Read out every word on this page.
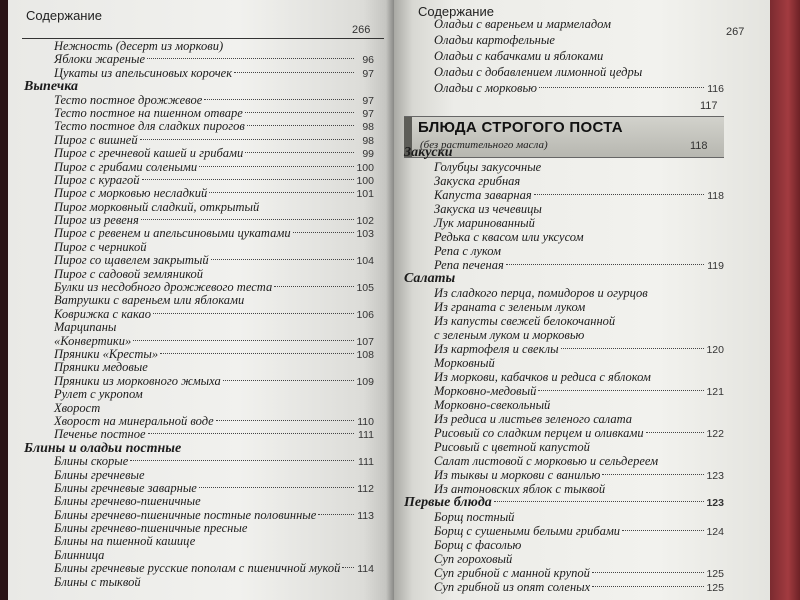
Содержание
266
Нежность (десерт из моркови)
Яблоки жареные	96
Цукаты из апельсиновых корочек	97
Выпечка
Тесто постное дрожжевое	97
Тесто постное на пшенном отваре	97
Тесто постное для сладких пирогов	98
Пирог с вишней	98
Пирог с гречневой кашей и грибами	99
Пирог с грибами солеными	100
Пирог с курагой	100
Пирог с морковью несладкий	101
Пирог морковный сладкий, открытый
Пирог из ревеня	102
Пирог с ревенем и апельсиновыми цукатами	103
Пирог с черникой
Пирог со щавелем закрытый	104
Пирог с садовой земляникой
Булки из несдобного дрожжевого теста	105
Ватрушки с вареньем или яблоками
Коврижка с какао	106
Марципаны
«Конвертики»	107
Пряники «Кресты»	108
Пряники медовые
Пряники из морковного жмыха	109
Рулет с укропом
Хворост
Хворост на минеральной воде	110
Печенье постное	111
Блины и оладьи постные
Блины скорые	111
Блины гречневые
Блины гречневые заварные	112
Блины гречнево-пшеничные
Блины гречнево-пшеничные постные половинные	113
Блины гречнево-пшеничные пресные
Блины на пшенной кашице
Блинница
Блины гречневые русские пополам с пшеничной мукой 114
Блины с тыквой
Содержание
267
Оладьи с вареньем и мармеладом
Оладьи картофельные
Оладьи с кабачками и яблоками
Оладьи с добавлением лимонной цедры
Оладьи с морковью	116
117
БЛЮДА СТРОГОГО ПОСТА
(без растительного масла)	118
Закуски
Голубцы закусочные
Закуска грибная
Капуста заварная	118
Закуска из чечевицы
Лук маринованный
Редька с квасом или уксусом
Репа с луком
Репа печеная	119
Салаты
Из сладкого перца, помидоров и огурцов
Из граната с зеленым луком
Из капусты свежей белокочанной
с зеленым луком и морковью
Из картофеля и свеклы	120
Морковный
Из моркови, кабачков и редиса с яблоком
Морковно-медовый	121
Морковно-свекольный
Из редиса и листьев зеленого салата
Рисовый со сладким перцем и оливками	122
Рисовый с цветной капустой
Салат листовой с морковью и сельдереем
Из тыквы и моркови с ванилью	123
Из антоновских яблок с тыквой
Первые блюда	123
Борщ постный
Борщ с сушеными белыми грибами	124
Борщ с фасолью
Суп гороховый
Суп грибной с манной крупой	125
Суп грибной из опят соленых	125
